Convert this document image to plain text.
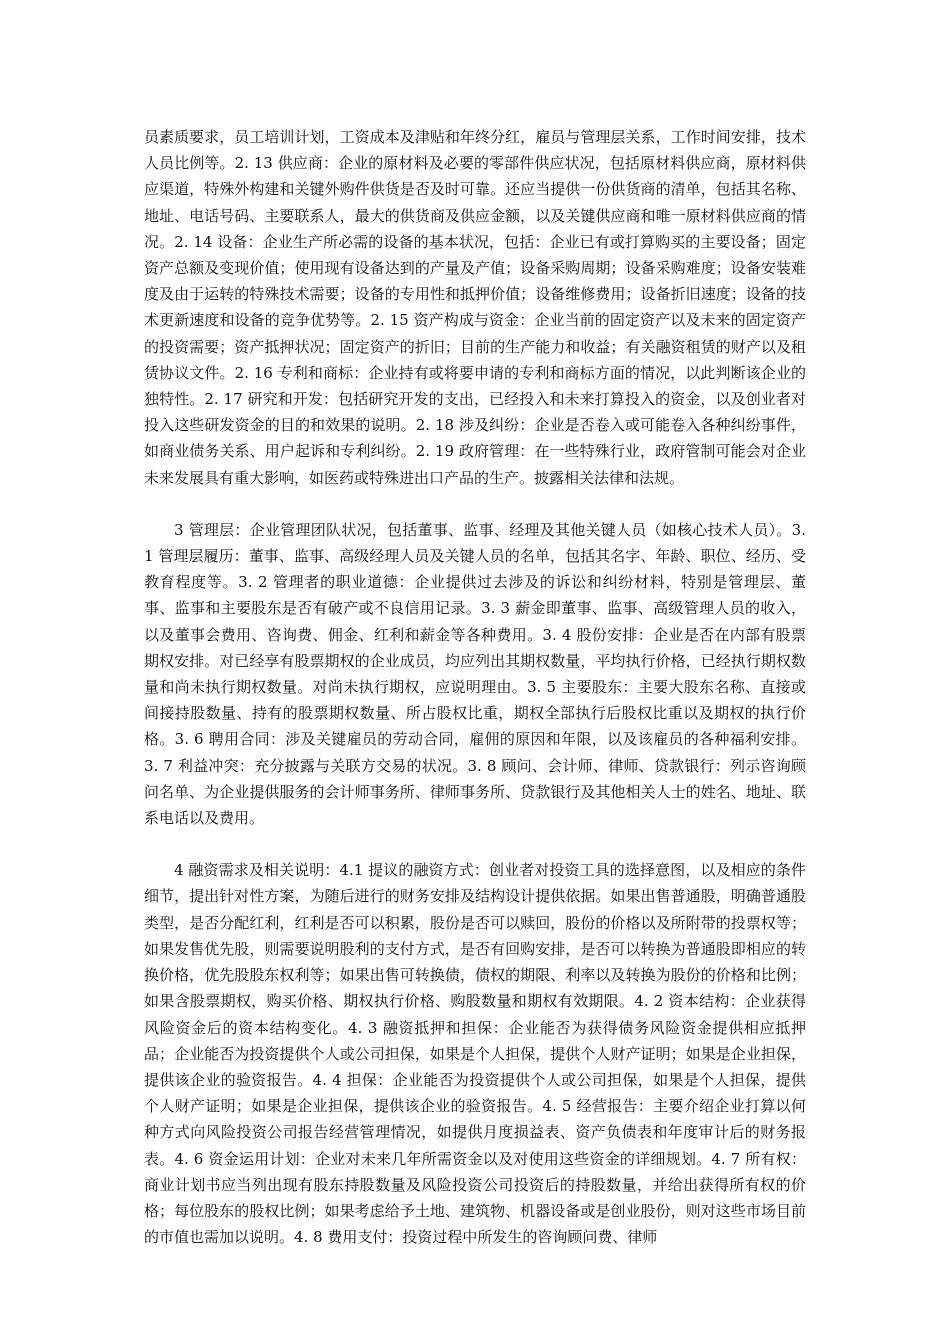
员素质要求，员工培训计划，工资成本及津贴和年终分红，雇员与管理层关系，工作时间安排，技术人员比例等。2. 13 供应商：企业的原材料及必要的零部件供应状况，包括原材料供应商，原材料供应渠道，特殊外构建和关键外购件供货是否及时可靠。还应当提供一份供货商的清单，包括其名称、地址、电话号码、主要联系人，最大的供货商及供应金额，以及关键供应商和唯一原材料供应商的情况。2. 14 设备：企业生产所必需的设备的基本状况，包括：企业已有或打算购买的主要设备；固定资产总额及变现价值；使用现有设备达到的产量及产值；设备采购周期；设备采购难度；设备安装难度及由于运转的特殊技术需要；设备的专用性和抵押价值；设备维修费用；设备折旧速度；设备的技术更新速度和设备的竞争优势等。2. 15 资产构成与资金：企业当前的固定资产以及未来的固定资产的投资需要；资产抵押状况；固定资产的折旧；目前的生产能力和收益；有关融资租赁的财产以及租赁协议文件。2. 16 专利和商标：企业持有或将要申请的专利和商标方面的情况，以此判断该企业的独特性。2. 17 研究和开发：包括研究开发的支出，已经投入和未来打算投入的资金，以及创业者对投入这些研发资金的目的和效果的说明。2. 18 涉及纠纷：企业是否卷入或可能卷入各种纠纷事件，如商业债务关系、用户起诉和专利纠纷。2. 19 政府管理：在一些特殊行业，政府管制可能会对企业未来发展具有重大影响，如医药或特殊进出口产品的生产。披露相关法律和法规。

3 管理层：企业管理团队状况，包括董事、监事、经理及其他关键人员（如核心技术人员）。3. 1 管理层履历：董事、监事、高级经理人员及关键人员的名单，包括其名字、年龄、职位、经历、受教育程度等。3. 2 管理者的职业道德：企业提供过去涉及的诉讼和纠纷材料，特别是管理层、董事、监事和主要股东是否有破产或不良信用记录。3. 3 薪金即董事、监事、高级管理人员的收入，以及董事会费用、咨询费、佣金、红利和薪金等各种费用。3. 4 股份安排：企业是否在内部有股票期权安排。对已经享有股票期权的企业成员，均应列出其期权数量，平均执行价格，已经执行期权数量和尚未执行期权数量。对尚未执行期权，应说明理由。3. 5 主要股东：主要大股东名称、直接或间接持股数量、持有的股票期权数量、所占股权比重，期权全部执行后股权比重以及期权的执行价格。3. 6 聘用合同：涉及关键雇员的劳动合同，雇佣的原因和年限，以及该雇员的各种福利安排。3. 7 利益冲突：充分披露与关联方交易的状况。3. 8 顾问、会计师、律师、贷款银行：列示咨询顾问名单、为企业提供服务的会计师事务所、律师事务所、贷款银行及其他相关人士的姓名、地址、联系电话以及费用。

4 融资需求及相关说明：4.1 提议的融资方式：创业者对投资工具的选择意图，以及相应的条件细节，提出针对性方案，为随后进行的财务安排及结构设计提供依据。如果出售普通股，明确普通股类型，是否分配红利，红利是否可以积累，股份是否可以赎回，股份的价格以及所附带的投票权等；如果发售优先股，则需要说明股利的支付方式，是否有回购安排，是否可以转换为普通股即相应的转换价格，优先股股东权利等；如果出售可转换债，债权的期限、利率以及转换为股份的价格和比例；如果含股票期权，购买价格、期权执行价格、购股数量和期权有效期限。4. 2 资本结构：企业获得风险资金后的资本结构变化。4. 3 融资抵押和担保：企业能否为获得债务风险资金提供相应抵押品；企业能否为投资提供个人或公司担保，如果是个人担保，提供个人财产证明；如果是企业担保，提供该企业的验资报告。4. 4 担保：企业能否为投资提供个人或公司担保，如果是个人担保，提供个人财产证明；如果是企业担保，提供该企业的验资报告。4. 5 经营报告：主要介绍企业打算以何种方式向风险投资公司报告经营管理情况，如提供月度损益表、资产负债表和年度审计后的财务报表。4. 6 资金运用计划：企业对未来几年所需资金以及对使用这些资金的详细规划。4. 7 所有权：商业计划书应当列出现有股东持股数量及风险投资公司投资后的持股数量，并给出获得所有权的价格；每位股东的股权比例；如果考虑给予土地、建筑物、机器设备或是创业股份，则对这些市场目前的市值也需加以说明。4. 8 费用支付：投资过程中所发生的咨询顾问费、律师
